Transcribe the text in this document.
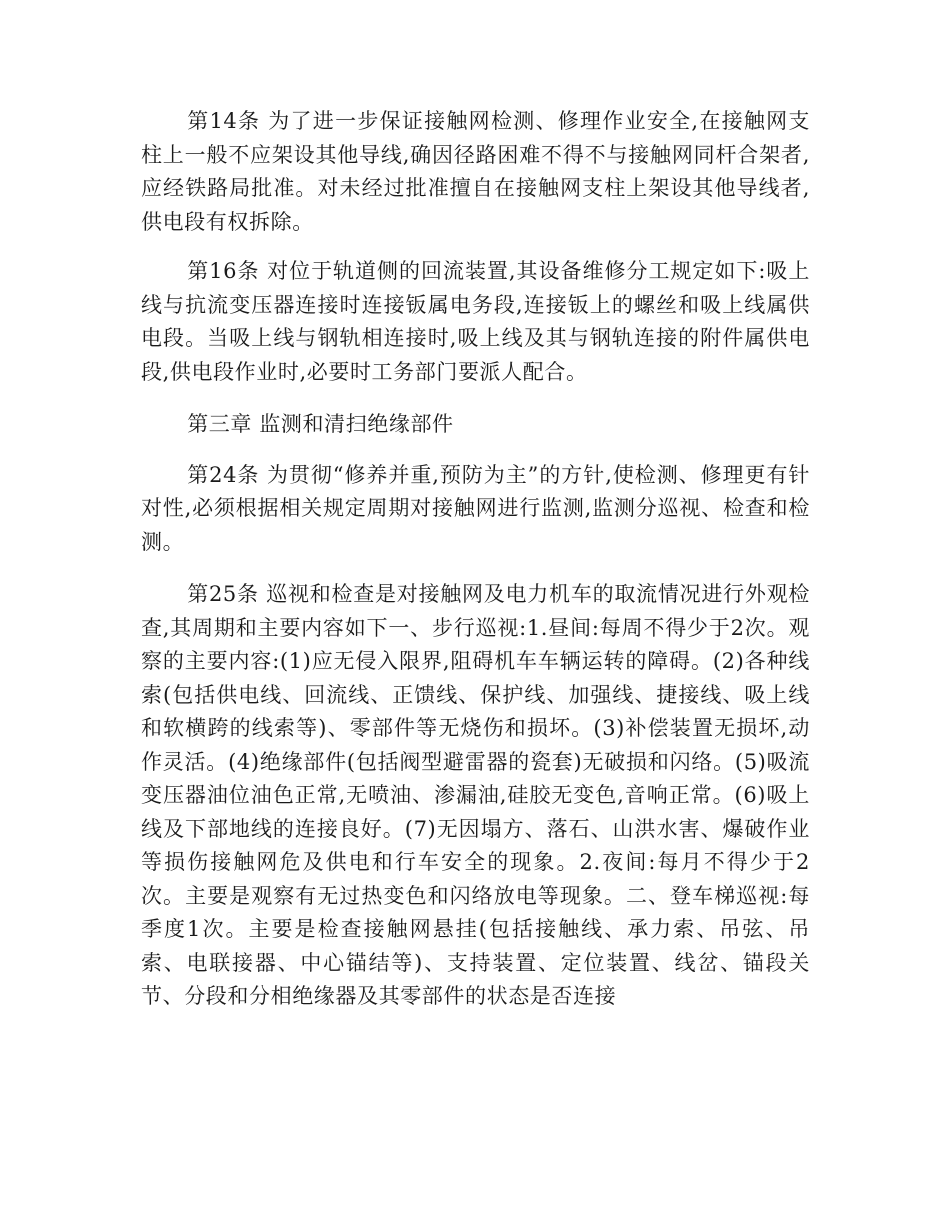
第14条 为了进一步保证接触网检测、修理作业安全,在接触网支柱上一般不应架设其他导线,确因径路困难不得不与接触网同杆合架者,应经铁路局批准。对未经过批准擅自在接触网支柱上架设其他导线者,供电段有权拆除。

第16条 对位于轨道侧的回流装置,其设备维修分工规定如下:吸上线与抗流变压器连接时连接钣属电务段,连接钣上的螺丝和吸上线属供电段。当吸上线与钢轨相连接时,吸上线及其与钢轨连接的附件属供电段,供电段作业时,必要时工务部门要派人配合。

第三章 监测和清扫绝缘部件

第24条 为贯彻“修养并重,预防为主”的方针,使检测、修理更有针对性,必须根据相关规定周期对接触网进行监测,监测分巡视、检查和检测。

第25条 巡视和检查是对接触网及电力机车的取流情况进行外观检查,其周期和主要内容如下一、步行巡视:1.昼间:每周不得少于2次。观察的主要内容:(1)应无侵入限界,阻碍机车车辆运转的障碍。(2)各种线索(包括供电线、回流线、正馈线、保护线、加强线、捷接线、吸上线和软横跨的线索等)、零部件等无烧伤和损坏。(3)补偿装置无损坏,动作灵活。(4)绝缘部件(包括阀型避雷器的瓷套)无破损和闪络。(5)吸流变压器油位油色正常,无喷油、渗漏油,硅胶无变色,音响正常。(6)吸上线及下部地线的连接良好。(7)无因塌方、落石、山洪水害、爆破作业等损伤接触网危及供电和行车安全的现象。2.夜间:每月不得少于2次。主要是观察有无过热变色和闪络放电等现象。二、登车梯巡视:每季度1次。主要是检查接触网悬挂(包括接触线、承力索、吊弦、吊索、电联接器、中心锚结等)、支持装置、定位装置、线岔、锚段关节、分段和分相绝缘器及其零部件的状态是否连接
